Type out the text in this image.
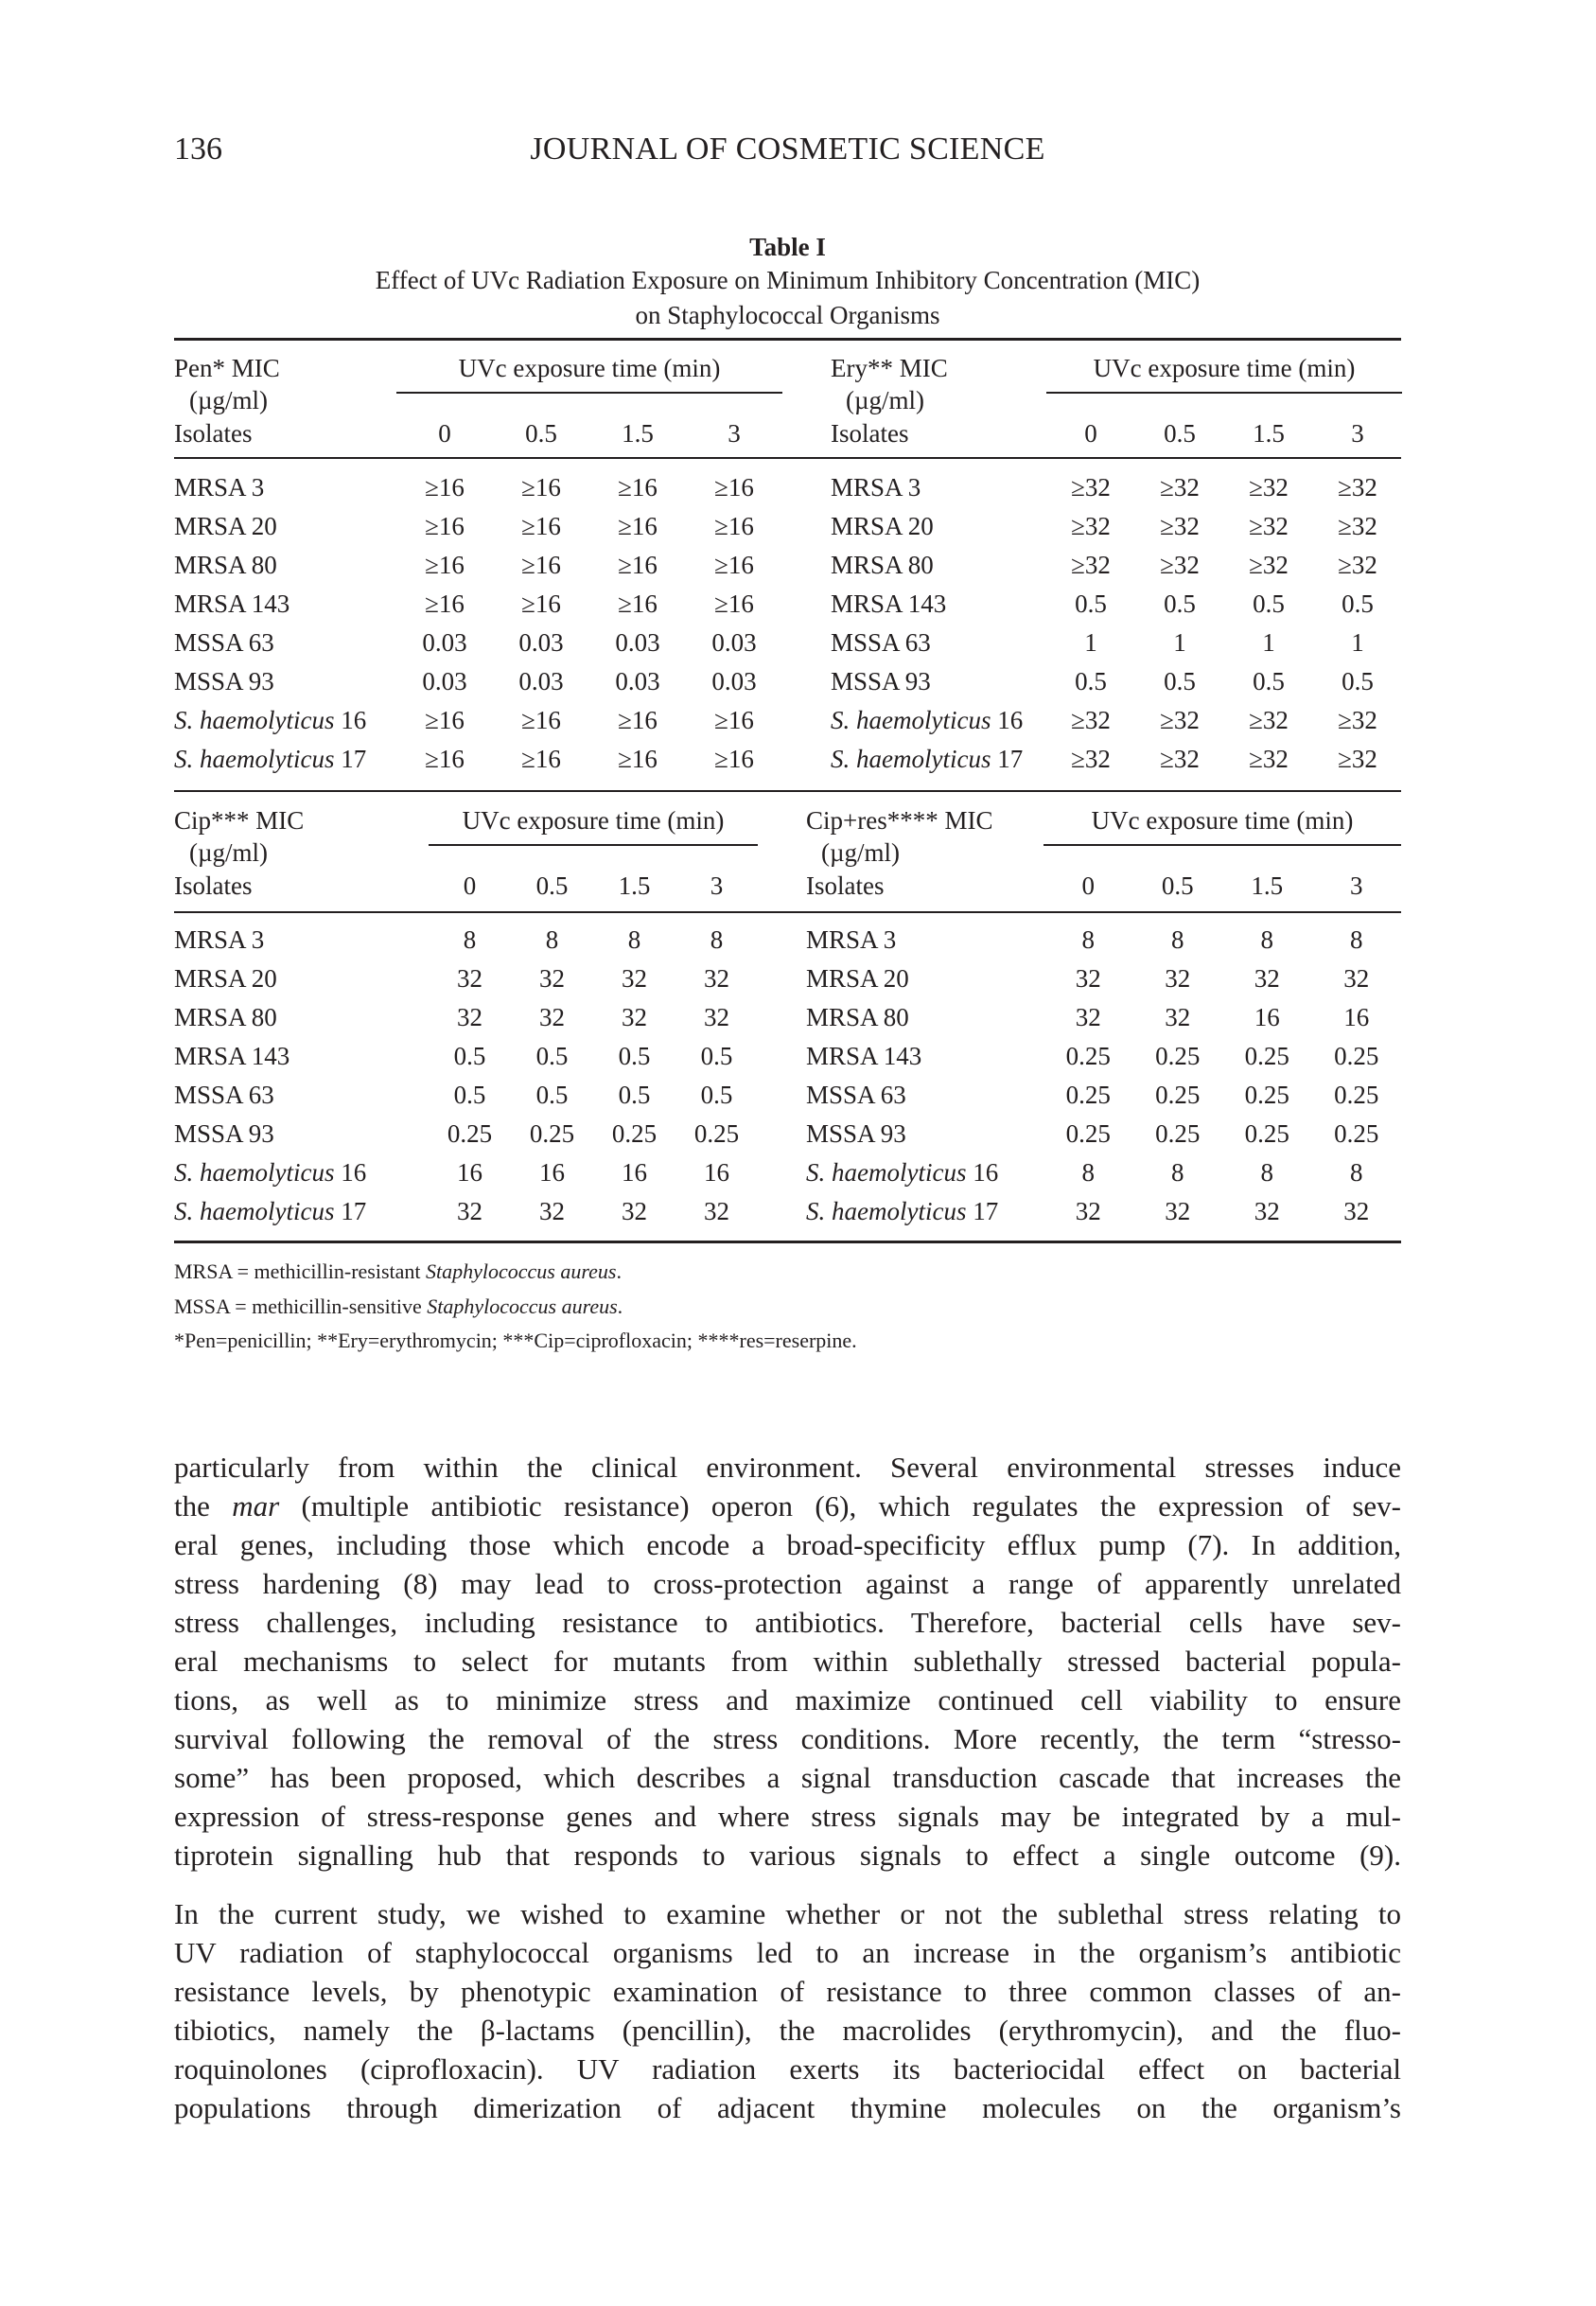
136	JOURNAL OF COSMETIC SCIENCE
Table I
Effect of UVc Radiation Exposure on Minimum Inhibitory Concentration (MIC)
on Staphylococcal Organisms
Pen* MIC	UVc exposure time (min)
(µg/ml)
Isolates	0	0.5	1.5	3
Ery** MIC	UVc exposure time (min)
(µg/ml)
Isolates	0	0.5	1.5	3
MRSA 3	≥16	≥16	≥16	≥16	MRSA 3	≥32	≥32	≥32	≥32
MRSA 20	≥16	≥16	≥16	≥16	MRSA 20	≥32	≥32	≥32	≥32
MRSA 80	≥16	≥16	≥16	≥16	MRSA 80	≥32	≥32	≥32	≥32
MRSA 143	≥16	≥16	≥16	≥16	MRSA 143	0.5	0.5	0.5	0.5
MSSA 63	0.03	0.03	0.03	0.03	MSSA 63	1	1	1	1
MSSA 93	0.03	0.03	0.03	0.03	MSSA 93	0.5	0.5	0.5	0.5
S. haemolyticus 16	≥16	≥16	≥16	≥16	S. haemolyticus 16	≥32	≥32	≥32	≥32
S. haemolyticus 17	≥16	≥16	≥16	≥16	S. haemolyticus 17	≥32	≥32	≥32	≥32
Cip*** MIC	UVc exposure time (min)
(µg/ml)
Isolates	0	0.5	1.5	3
Cip+res**** MIC	UVc exposure time (min)
(µg/ml)
Isolates	0	0.5	1.5	3
MRSA 3	8	8	8	8	MRSA 3	8	8	8	8
MRSA 20	32	32	32	32	MRSA 20	32	32	32	32
MRSA 80	32	32	32	32	MRSA 80	32	32	16	16
MRSA 143	0.5	0.5	0.5	0.5	MRSA 143	0.25	0.25	0.25	0.25
MSSA 63	0.5	0.5	0.5	0.5	MSSA 63	0.25	0.25	0.25	0.25
MSSA 93	0.25	0.25	0.25	0.25	MSSA 93	0.25	0.25	0.25	0.25
S. haemolyticus 16	16	16	16	16	S. haemolyticus 16	8	8	8	8
S. haemolyticus 17	32	32	32	32	S. haemolyticus 17	32	32	32	32
MRSA = methicillin-resistant Staphylococcus aureus.
MSSA = methicillin-sensitive Staphylococcus aureus.
*Pen=penicillin; **Ery=erythromycin; ***Cip=ciprofloxacin; ****res=reserpine.
particularly from within the clinical environment. Several environmental stresses induce
the mar (multiple antibiotic resistance) operon (6), which regulates the expression of sev-
eral genes, including those which encode a broad-specificity efflux pump (7). In addition,
stress hardening (8) may lead to cross-protection against a range of apparently unrelated
stress challenges, including resistance to antibiotics. Therefore, bacterial cells have sev-
eral mechanisms to select for mutants from within sublethally stressed bacterial popula-
tions, as well as to minimize stress and maximize continued cell viability to ensure
survival following the removal of the stress conditions. More recently, the term “stresso-
some” has been proposed, which describes a signal transduction cascade that increases the
expression of stress-response genes and where stress signals may be integrated by a mul-
tiprotein signalling hub that responds to various signals to effect a single outcome (9).
In the current study, we wished to examine whether or not the sublethal stress relating to
UV radiation of staphylococcal organisms led to an increase in the organism’s antibiotic
resistance levels, by phenotypic examination of resistance to three common classes of an-
tibiotics, namely the β-lactams (pencillin), the macrolides (erythromycin), and the fluo-
roquinolones (ciprofloxacin). UV radiation exerts its bacteriocidal effect on bacterial
populations through dimerization of adjacent thymine molecules on the organism’s
